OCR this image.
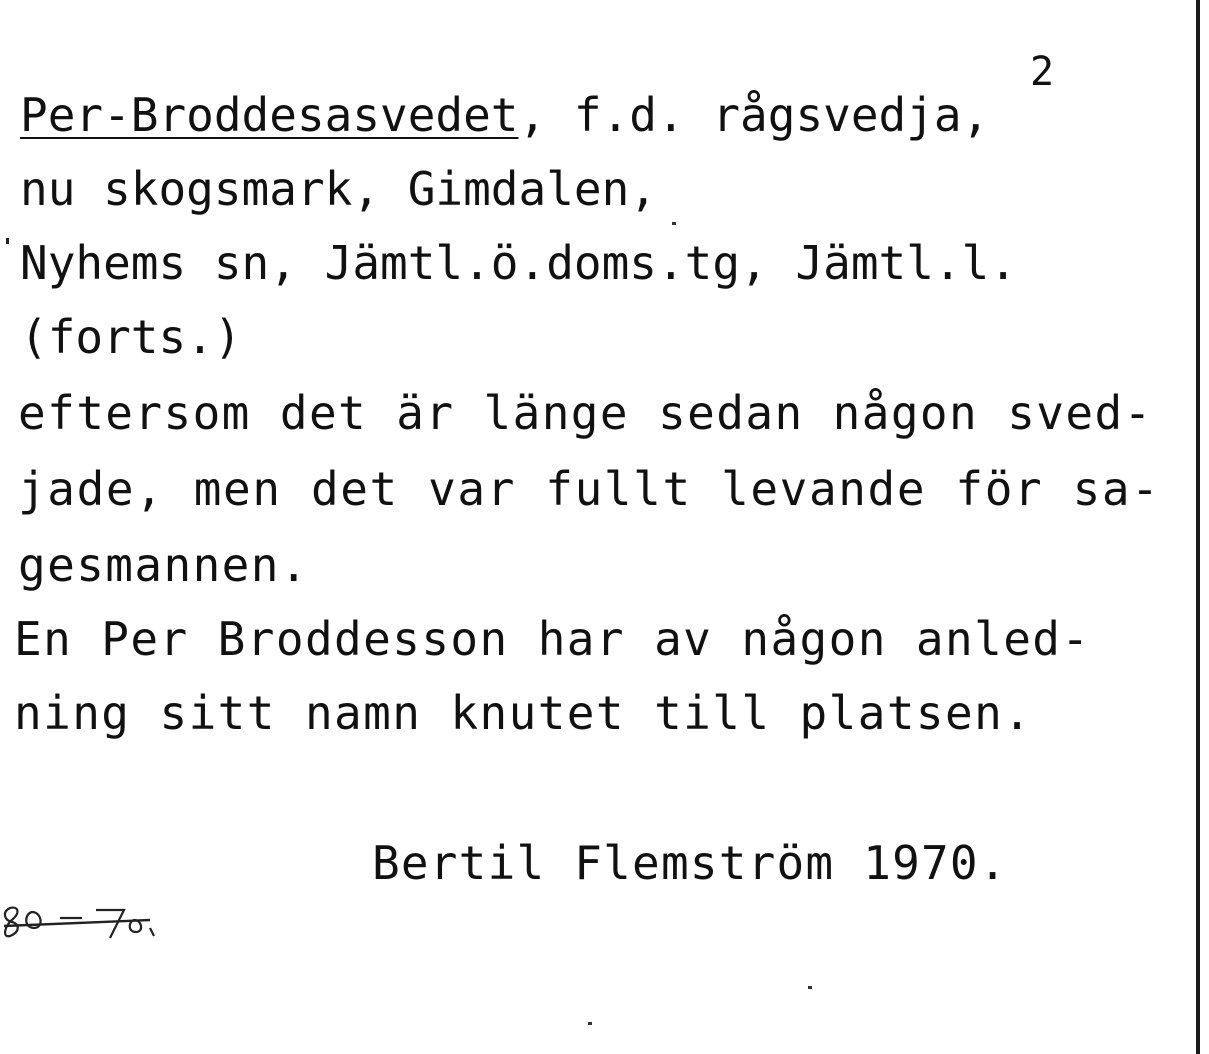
2
Per-Broddesasvedet, f.d. rågsvedja,
nu skogsmark, Gimdalen,
Nyhems sn, Jämtl.ö.doms.tg, Jämtl.l.
(forts.)
eftersom det är länge sedan någon sved-
jade, men det var fullt levande för sa-
gesmannen.
En Per Broddesson har av någon anled-
ning sitt namn knutet till platsen.
Bertil Flemström 1970.
